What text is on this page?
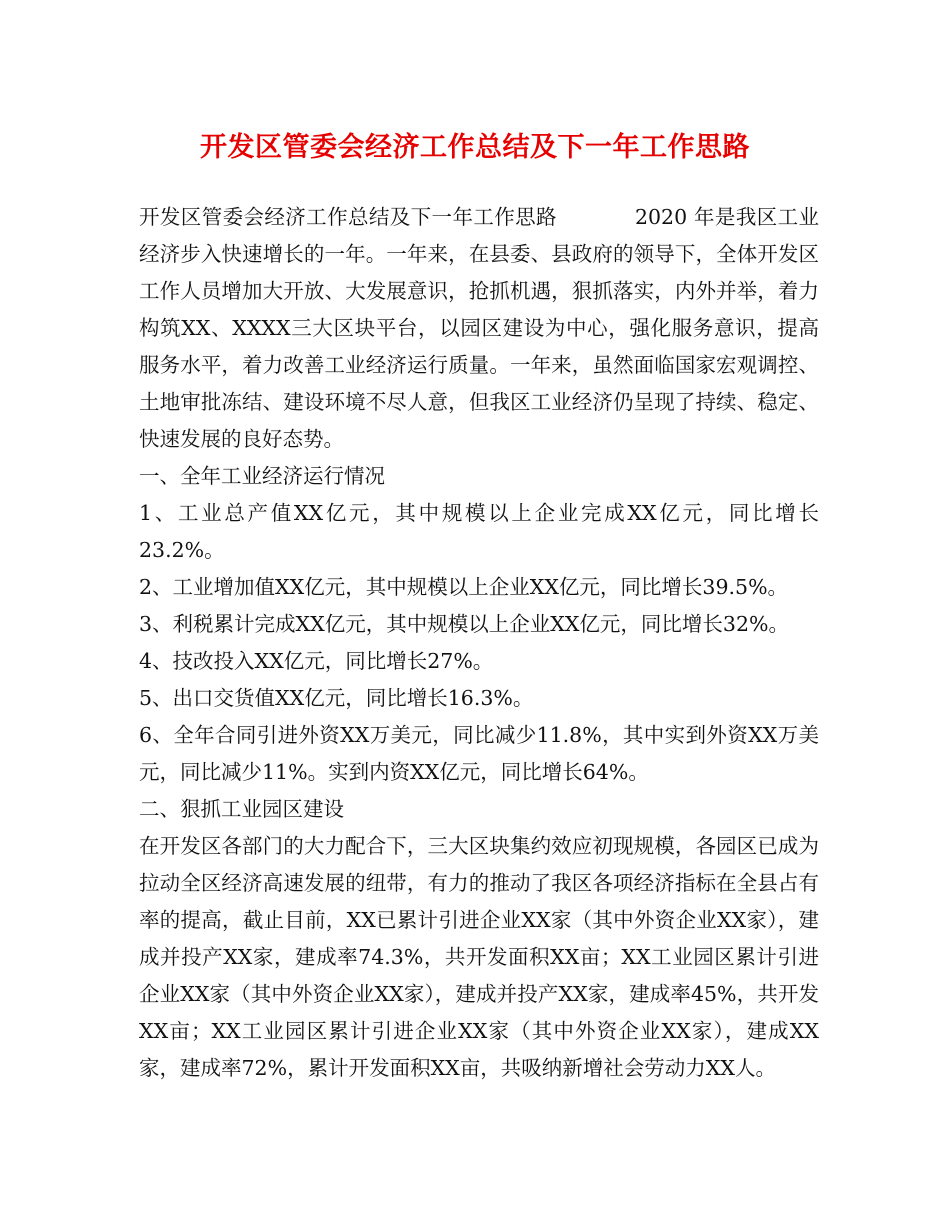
开发区管委会经济工作总结及下一年工作思路

开发区管委会经济工作总结及下一年工作思路	2020 年是我区工业经济步入快速增长的一年。一年来，在县委、县政府的领导下，全体开发区工作人员增加大开放、大发展意识，抢抓机遇，狠抓落实，内外并举，着力构筑XX、XXXX三大区块平台，以园区建设为中心，强化服务意识，提高服务水平，着力改善工业经济运行质量。一年来，虽然面临国家宏观调控、土地审批冻结、建设环境不尽人意，但我区工业经济仍呈现了持续、稳定、快速发展的良好态势。

一、全年工业经济运行情况

1、工业总产值XX亿元，其中规模以上企业完成XX亿元，同比增长23.2%。

2、工业增加值XX亿元，其中规模以上企业XX亿元，同比增长39.5%。

3、利税累计完成XX亿元，其中规模以上企业XX亿元，同比增长32%。

4、技改投入XX亿元，同比增长27%。

5、出口交货值XX亿元，同比增长16.3%。

6、全年合同引进外资XX万美元，同比减少11.8%，其中实到外资XX万美元，同比减少11%。实到内资XX亿元，同比增长64%。

二、狠抓工业园区建设

在开发区各部门的大力配合下，三大区块集约效应初现规模，各园区已成为拉动全区经济高速发展的纽带，有力的推动了我区各项经济指标在全县占有率的提高，截止目前，XX已累计引进企业XX家（其中外资企业XX家），建成并投产XX家，建成率74.3%，共开发面积XX亩；XX工业园区累计引进企业XX家（其中外资企业XX家），建成并投产XX家，建成率45%，共开发XX亩；XX工业园区累计引进企业XX家（其中外资企业XX家），建成XX家，建成率72%，累计开发面积XX亩，共吸纳新增社会劳动力XX人。
